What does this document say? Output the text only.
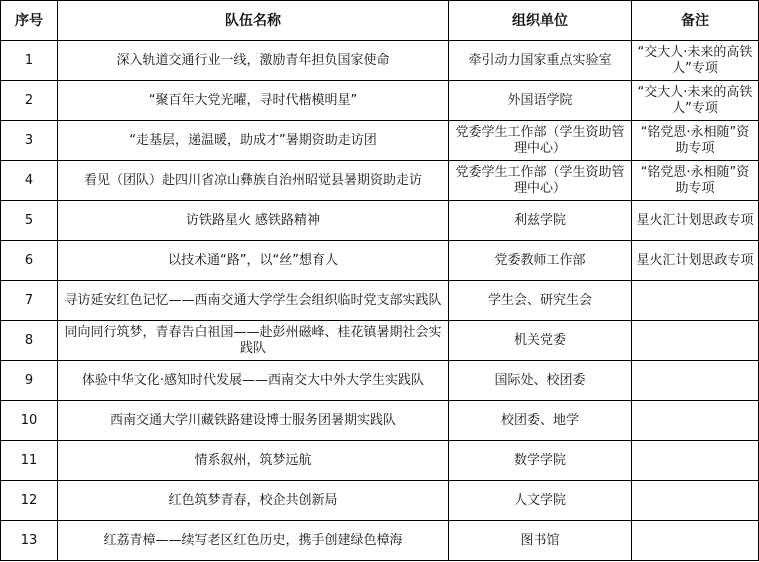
序号	队伍名称	组织单位	备注
1	深入轨道交通行业一线，激励青年担负国家使命	牵引动力国家重点实验室	“交大人·未来的高铁人”专项
2	“聚百年大党光曜，寻时代楷模明星”	外国语学院	“交大人·未来的高铁人”专项
3	“走基层，递温暖，助成才”暑期资助走访团	党委学生工作部（学生资助管理中心）	“铭党恩·永相随”资助专项
4	看见（团队）赴四川省凉山彝族自治州昭觉县暑期资助走访	党委学生工作部（学生资助管理中心）	“铭党恩·永相随”资助专项
5	访铁路星火 感铁路精神	利兹学院	星火汇计划思政专项
6	以技术通“路”，以“丝”想育人	党委教师工作部	星火汇计划思政专项
7	寻访延安红色记忆——西南交通大学学生会组织临时党支部实践队	学生会、研究生会	
8	同向同行筑梦，青春告白祖国——赴彭州磁峰、桂花镇暑期社会实践队	机关党委	
9	体验中华文化·感知时代发展——西南交大中外大学生实践队	国际处、校团委	
10	西南交通大学川藏铁路建设博士服务团暑期实践队	校团委、地学	
11	情系叙州，筑梦远航	数学学院	
12	红色筑梦青春，校企共创新局	人文学院	
13	红荔青樟——续写老区红色历史，携手创建绿色樟海	图书馆	
